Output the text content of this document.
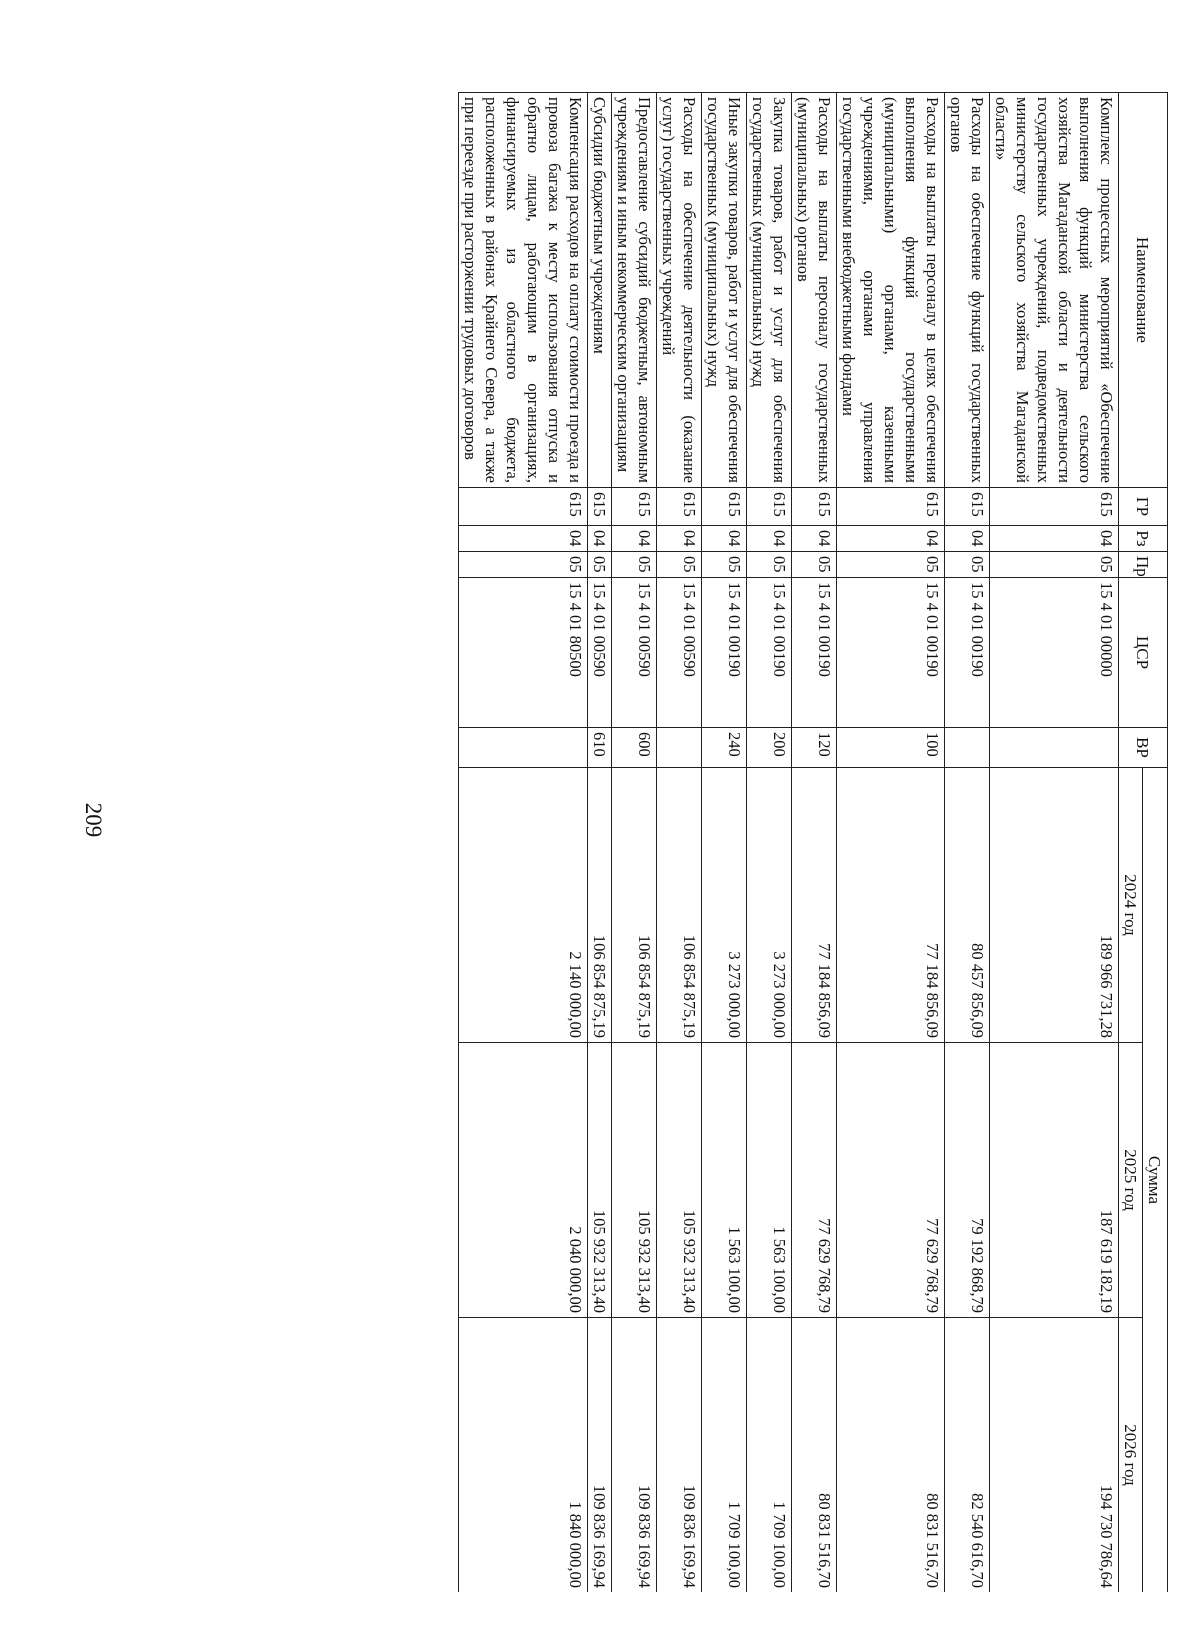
209
Наименование	ГР	Рз	Пр	ЦСР	ВР	Сумма		
						2024 год	2025 год	2026 год
Комплекс процессных мероприятий «Обеспечение выполнения функций министерства сельского хозяйства Магаданской области и деятельности государственных учреждений, подведомственных министерству сельского хозяйства Магаданской области»	615	04	05	15 4 01 00000		189 966 731,28	187 619 182,19	194 730 786,64
Расходы на обеспечение функций государственных органов	615	04	05	15 4 01 00190		80 457 856,09	79 192 868,79	82 540 616,70
Расходы на выплаты персоналу в целях обеспечения выполнения функций государственными (муниципальными) органами, казенными учреждениями, органами управления государственными внебюджетными фондами	615	04	05	15 4 01 00190	100	77 184 856,09	77 629 768,79	80 831 516,70
Расходы на выплаты персоналу государственных (муниципальных) органов	615	04	05	15 4 01 00190	120	77 184 856,09	77 629 768,79	80 831 516,70
Закупка товаров, работ и услуг для обеспечения государственных (муниципальных) нужд	615	04	05	15 4 01 00190	200	3 273 000,00	1 563 100,00	1 709 100,00
Иные закупки товаров, работ и услуг для обеспечения государственных (муниципальных) нужд	615	04	05	15 4 01 00190	240	3 273 000,00	1 563 100,00	1 709 100,00
Расходы на обеспечение деятельности (оказание услуг) государственных учреждений	615	04	05	15 4 01 00590		106 854 875,19	105 932 313,40	109 836 169,94
Предоставление субсидий бюджетным, автономным учреждениям и иным некоммерческим организациям	615	04	05	15 4 01 00590	600	106 854 875,19	105 932 313,40	109 836 169,94
Субсидии бюджетным учреждениям	615	04	05	15 4 01 00590	610	106 854 875,19	105 932 313,40	109 836 169,94
Компенсация расходов на оплату стоимости проезда и провоза багажа к месту использования отпуска и обратно лицам, работающим в организациях, финансируемых из областного бюджета, расположенных в районах Крайнего Севера, а также при переезде при расторжении трудовых договоров	615	04	05	15 4 01 80500		2 140 000,00	2 040 000,00	1 840 000,00
